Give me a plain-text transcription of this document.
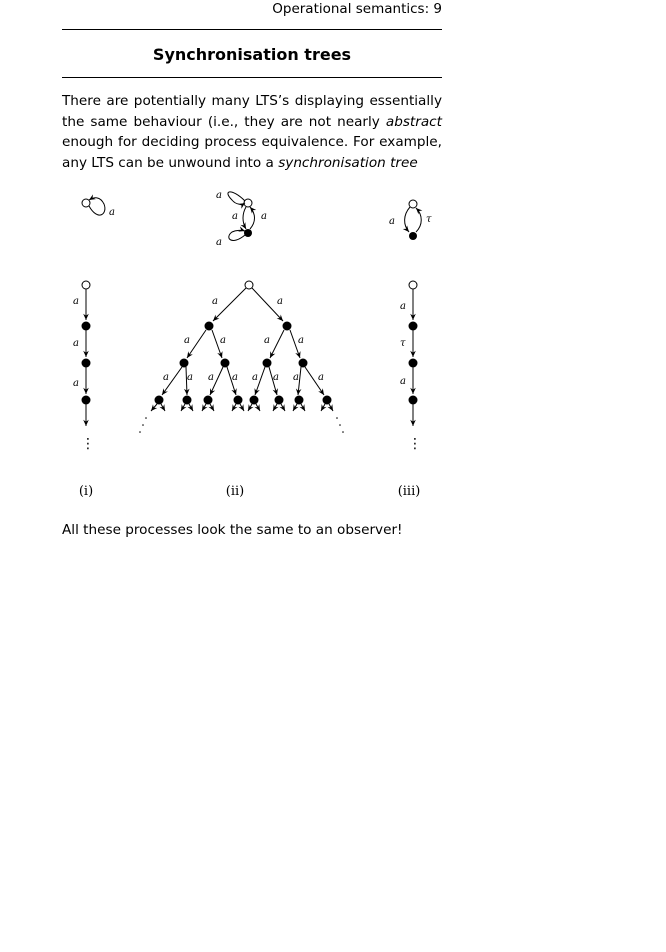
Operational semantics: 9
Synchronisation trees

There are potentially many LTS’s displaying essentially the same behaviour (i.e., they are not nearly abstract enough for deciding process equivalence. For example, any LTS can be unwound into a synchronisation tree

a
a
a a
a
a	τ
a
a
a
⋮
a	a
a	a	a	a
a a a a a a a a
a
τ
a
⋮
(i)	(ii)	(iii)
All these processes look the same to an observer!
